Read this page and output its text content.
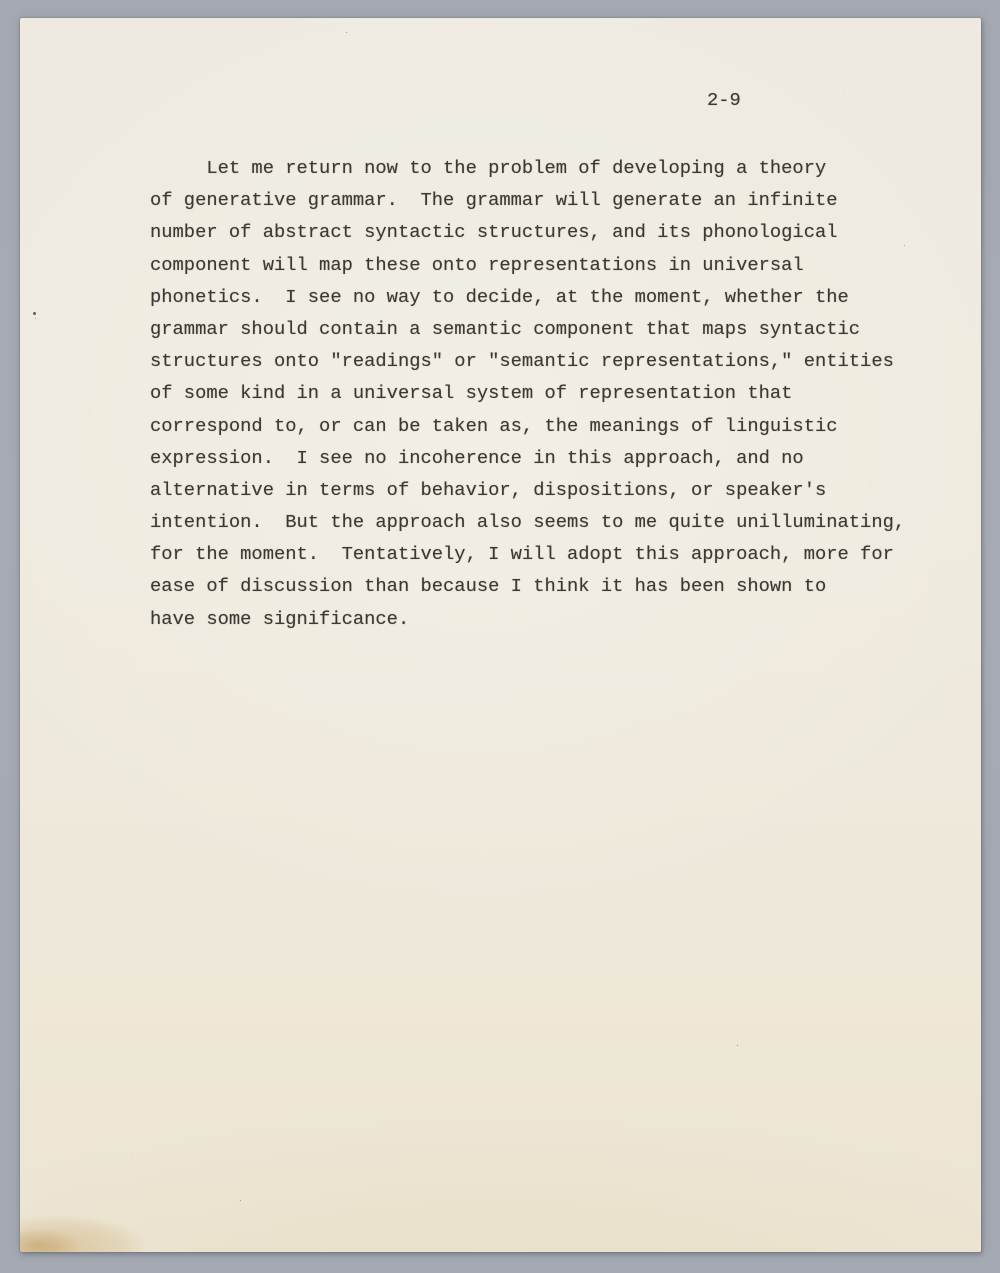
2-9
Let me return now to the problem of developing a theory
of generative grammar.  The grammar will generate an infinite
number of abstract syntactic structures, and its phonological
component will map these onto representations in universal
phonetics.  I see no way to decide, at the moment, whether the
grammar should contain a semantic component that maps syntactic
structures onto "readings" or "semantic representations," entities
of some kind in a universal system of representation that
correspond to, or can be taken as, the meanings of linguistic
expression.  I see no incoherence in this approach, and no
alternative in terms of behavior, dispositions, or speaker's
intention.  But the approach also seems to me quite unilluminating,
for the moment.  Tentatively, I will adopt this approach, more for
ease of discussion than because I think it has been shown to
have some significance.
